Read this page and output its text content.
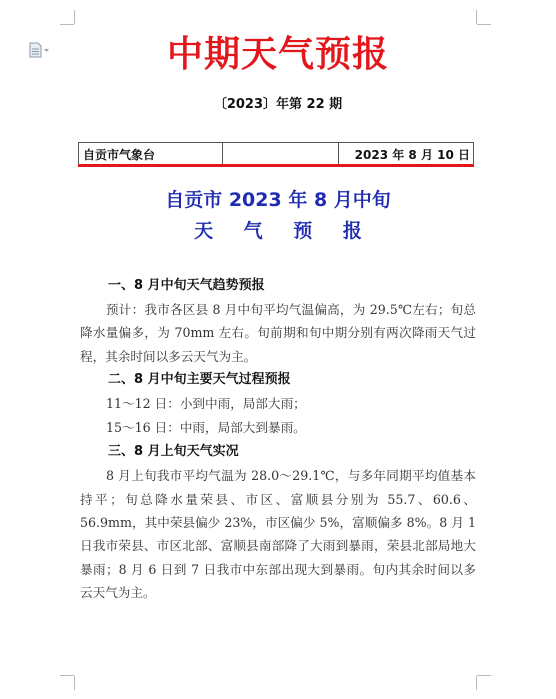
中期天气预报
〔2023〕年第 22 期
自贡市气象台	2023 年 8 月 10 日
自贡市 2023 年 8 月中旬
天 气 预 报
一、8 月中旬天气趋势预报
预计：我市各区县 8 月中旬平均气温偏高，为 29.5℃左右；旬总降水量偏多，为 70mm 左右。旬前期和旬中期分别有两次降雨天气过程，其余时间以多云天气为主。
二、8 月中旬主要天气过程预报
11～12 日：小到中雨，局部大雨；
15～16 日：中雨，局部大到暴雨。
三、8 月上旬天气实况
8 月上旬我市平均气温为 28.0～29.1℃，与多年同期平均值基本持平；旬总降水量荣县、市区、富顺县分别为 55.7、60.6、56.9mm，其中荣县偏少 23%，市区偏少 5%，富顺偏多 8%。8 月 1 日我市荣县、市区北部、富顺县南部降了大雨到暴雨，荣县北部局地大暴雨；8 月 6 日到 7 日我市中东部出现大到暴雨。旬内其余时间以多云天气为主。
